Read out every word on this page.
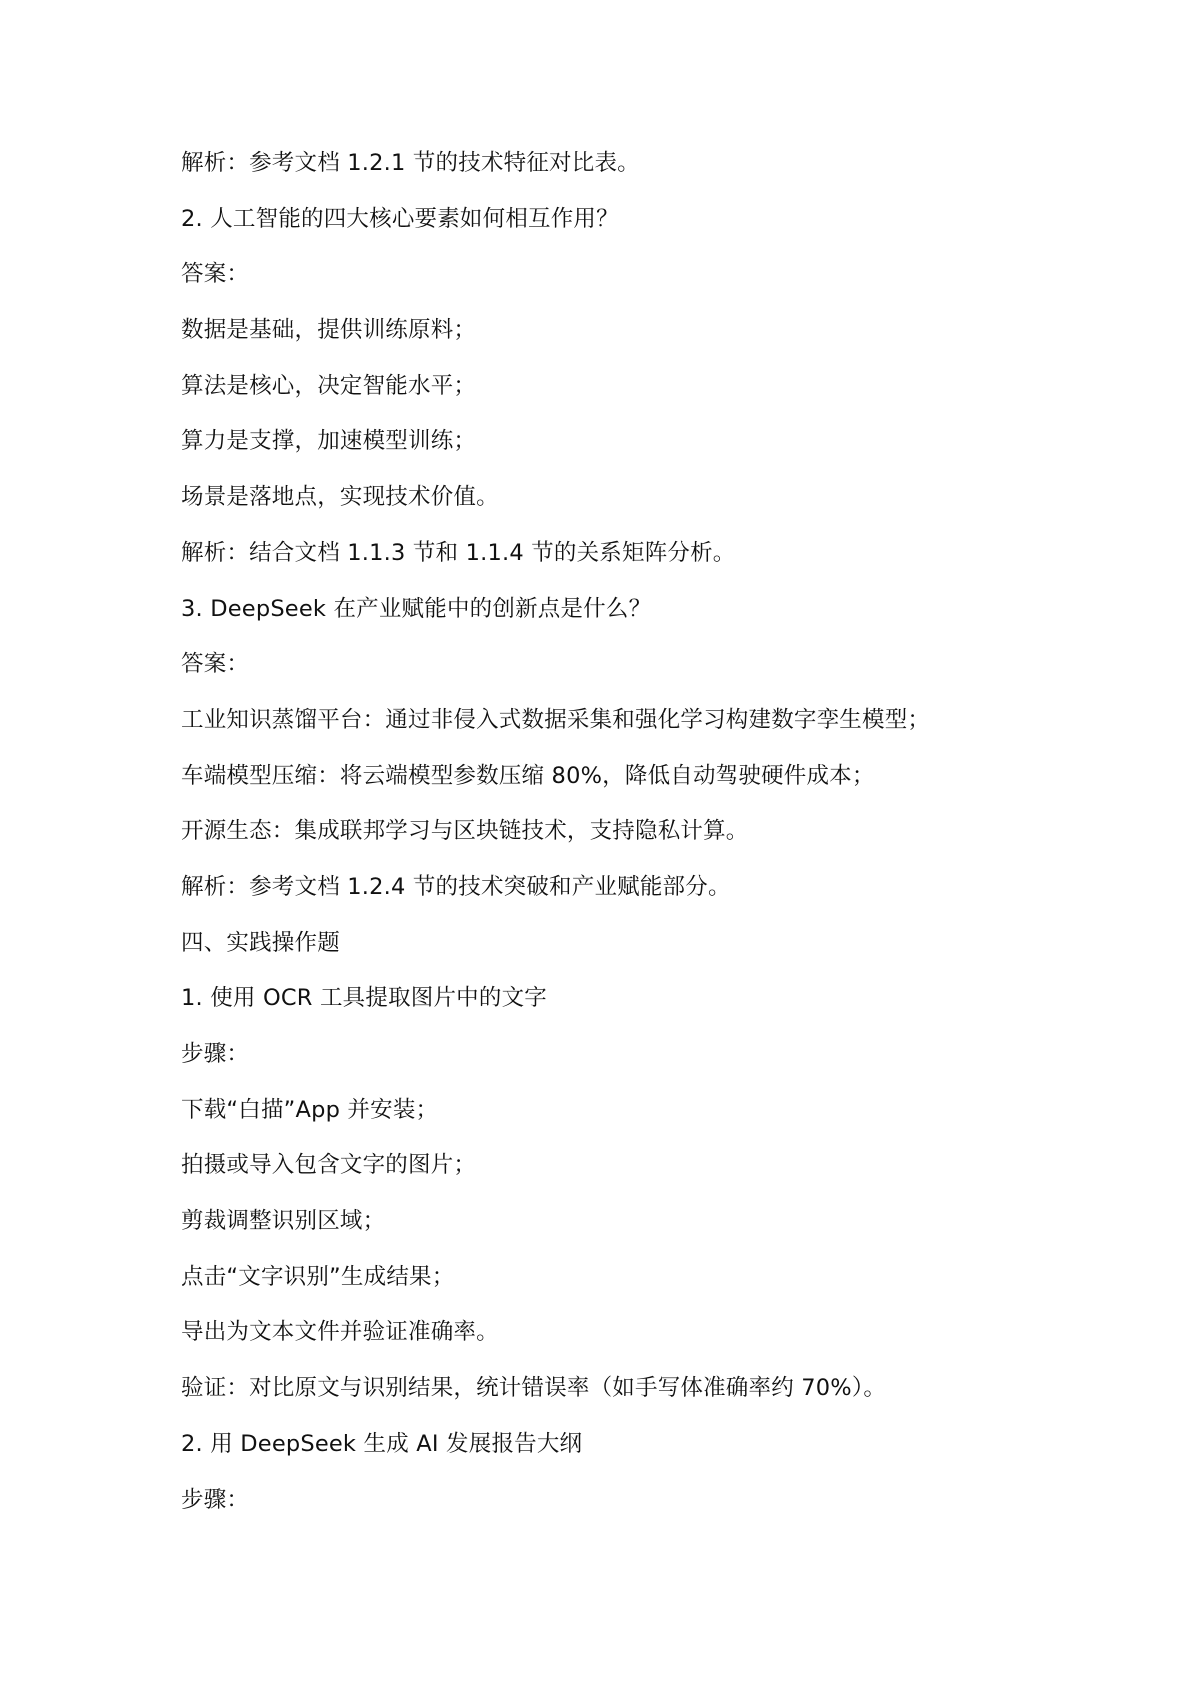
解析：参考文档 1.2.1 节的技术特征对比表。
2. 人工智能的四大核心要素如何相互作用？
答案：
数据是基础，提供训练原料；
算法是核心，决定智能水平；
算力是支撑，加速模型训练；
场景是落地点，实现技术价值。
解析：结合文档 1.1.3 节和 1.1.4 节的关系矩阵分析。
3. DeepSeek 在产业赋能中的创新点是什么？
答案：
工业知识蒸馏平台：通过非侵入式数据采集和强化学习构建数字孪生模型；
车端模型压缩：将云端模型参数压缩 80%，降低自动驾驶硬件成本；
开源生态：集成联邦学习与区块链技术，支持隐私计算。
解析：参考文档 1.2.4 节的技术突破和产业赋能部分。
四、实践操作题
1. 使用 OCR 工具提取图片中的文字
步骤：
下载“白描”App 并安装；
拍摄或导入包含文字的图片；
剪裁调整识别区域；
点击“文字识别”生成结果；
导出为文本文件并验证准确率。
验证：对比原文与识别结果，统计错误率（如手写体准确率约 70%）。
2. 用 DeepSeek 生成 AI 发展报告大纲
步骤：
